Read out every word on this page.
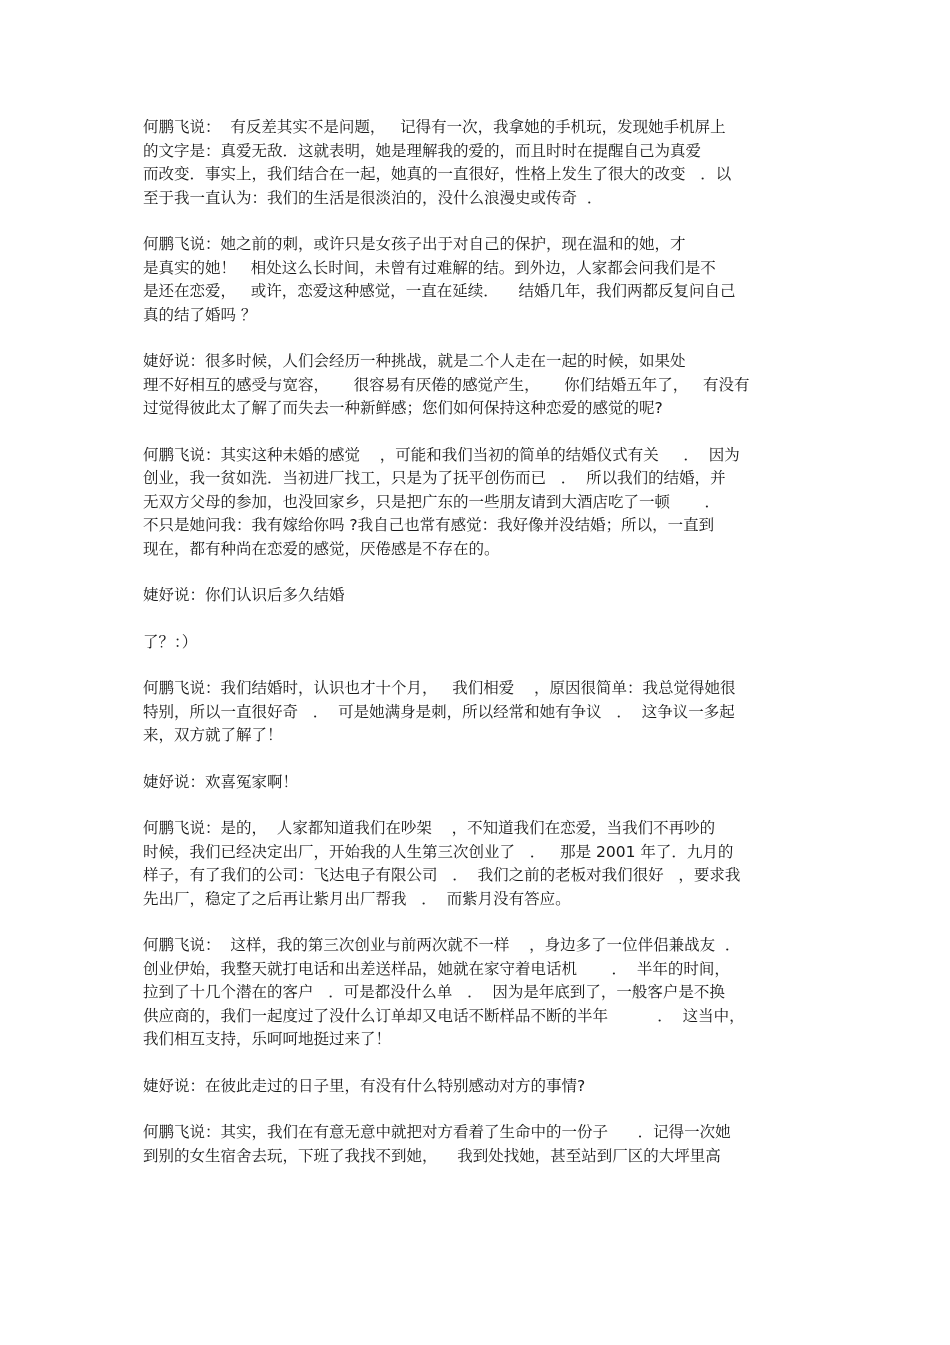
何鹏飞说：  有反差其实不是问题，   记得有一次，我拿她的手机玩，发现她手机屏上
的文字是：真爱无敌．这就表明，她是理解我的爱的，而且时时在提醒自己为真爱
而改变．事实上，我们结合在一起，她真的一直很好，性格上发生了很大的改变   ．以
至于我一直认为：我们的生活是很淡泊的，没什么浪漫史或传奇  ．
何鹏飞说：她之前的刺，或许只是女孩子出于对自己的保护，现在温和的她，才
是真实的她！   相处这么长时间，未曾有过难解的结。到外边，人家都会问我们是不
是还在恋爱，   或许，恋爱这种感觉，一直在延续．    结婚几年，我们两都反复问自己
真的结了婚吗 ？
婕妤说：很多时候，人们会经历一种挑战，就是二个人走在一起的时候，如果处
理不好相互的感受与宽容，     很容易有厌倦的感觉产生，     你们结婚五年了，   有没有
过觉得彼此太了解了而失去一种新鲜感；您们如何保持这种恋爱的感觉的呢?
何鹏飞说：其实这种未婚的感觉    ，可能和我们当初的简单的结婚仪式有关     ．  因为
创业，我一贫如洗．当初进厂找工，只是为了抚平创伤而已   ．  所以我们的结婚，并
无双方父母的参加，也没回家乡，只是把广东的一些朋友请到大酒店吃了一顿       ．
不只是她问我：我有嫁给你吗 ?我自己也常有感觉：我好像并没结婚；所以，一直到
现在，都有种尚在恋爱的感觉，厌倦感是不存在的。
婕妤说：你们认识后多久结婚
了？：）
何鹏飞说：我们结婚时，认识也才十个月，   我们相爱    ，原因很简单：我总觉得她很
特别，所以一直很好奇   ．  可是她满身是刺，所以经常和她有争议   ．  这争议一多起
来，双方就了解了！
婕妤说：欢喜冤家啊！
何鹏飞说：是的，  人家都知道我们在吵架    ，不知道我们在恋爱，当我们不再吵的
时候，我们已经决定出厂，开始我的人生第三次创业了   ．   那是 2001 年了．九月的
样子，有了我们的公司：飞达电子有限公司   ．  我们之前的老板对我们很好   ，要求我
先出厂，稳定了之后再让紫月出厂帮我   ．  而紫月没有答应。
何鹏飞说：  这样，我的第三次创业与前两次就不一样    ，身边多了一位伴侣兼战友  ．
创业伊始，我整天就打电话和出差送样品，她就在家守着电话机       ．  半年的时间，
拉到了十几个潜在的客户   ．可是都没什么单   ．  因为是年底到了，一般客户是不换
供应商的，我们一起度过了没什么订单却又电话不断样品不断的半年          ．  这当中，
我们相互支持，乐呵呵地挺过来了！
婕妤说：在彼此走过的日子里，有没有什么特别感动对方的事情?
何鹏飞说：其实，我们在有意无意中就把对方看着了生命中的一份子      ．记得一次她
到别的女生宿舍去玩，下班了我找不到她，    我到处找她，甚至站到厂区的大坪里高
